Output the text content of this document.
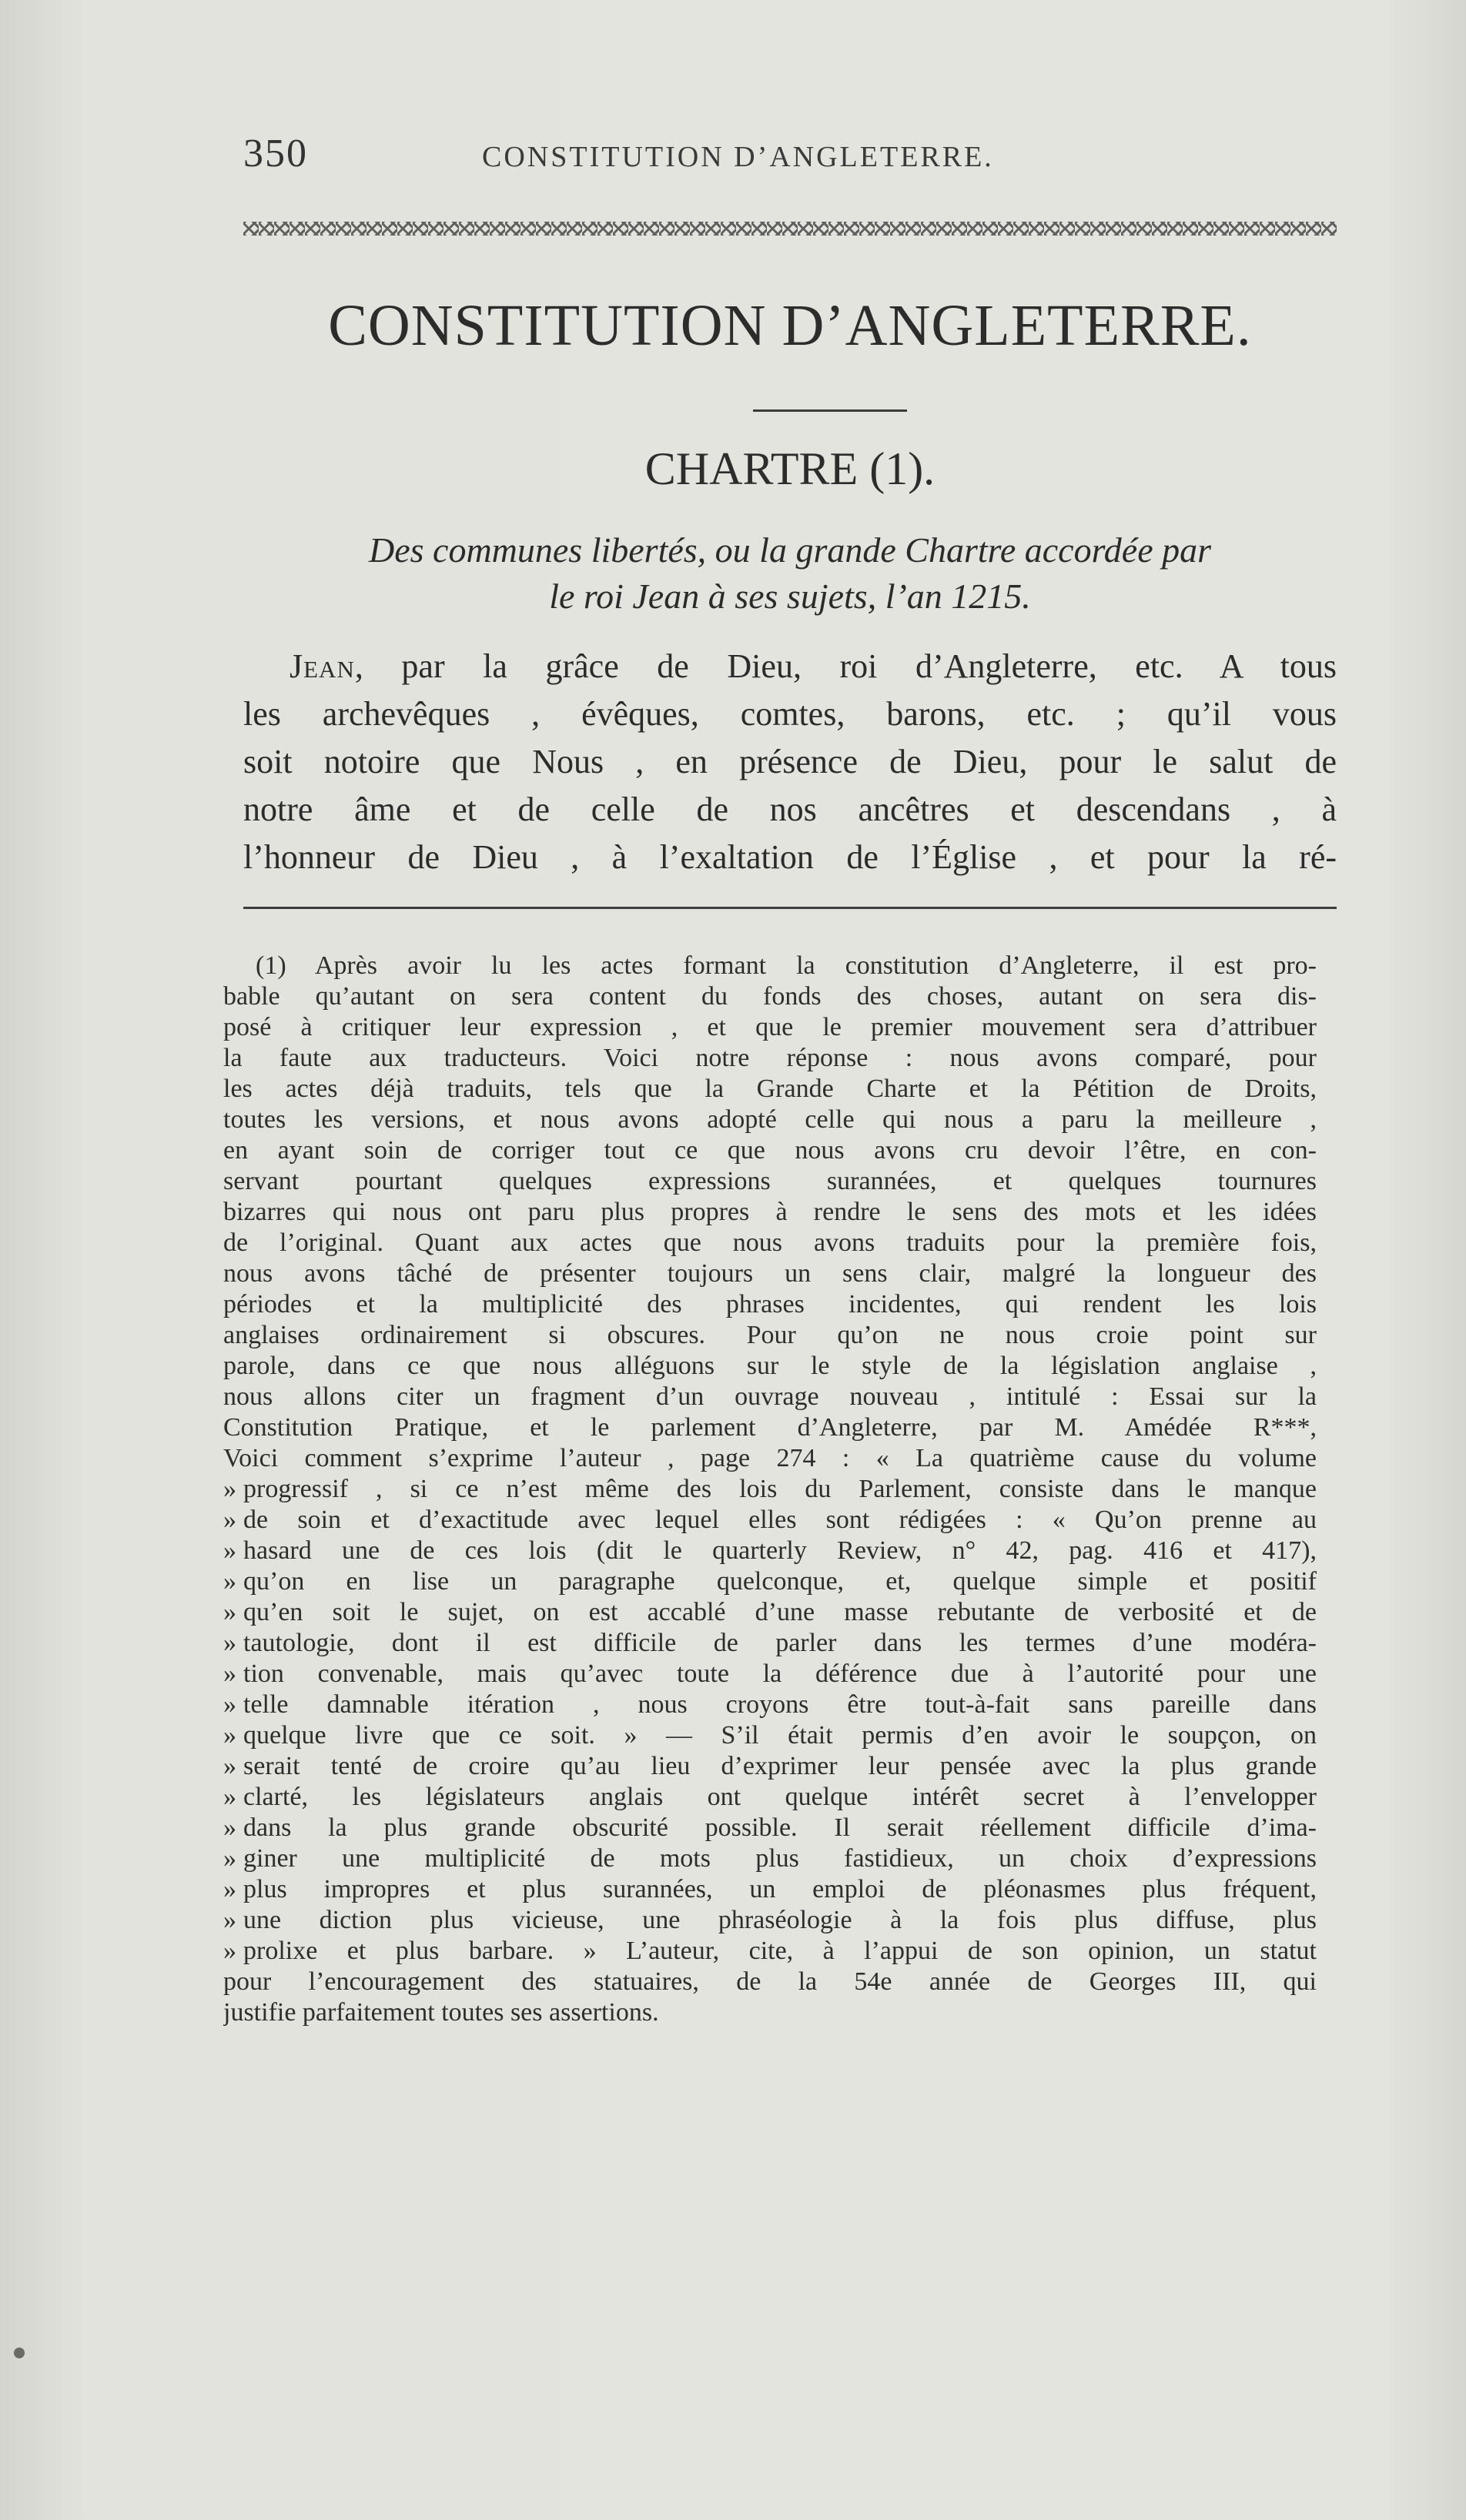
350	CONSTITUTION D’ANGLETERRE.
CONSTITUTION D’ANGLETERRE.
CHARTRE (1).
Des communes libertés, ou la grande Chartre accordée par
le roi Jean à ses sujets, l’an 1215.
Jean, par la grâce de Dieu, roi d’Angleterre, etc. A tous
les archevêques , évêques, comtes, barons, etc. ; qu’il vous
soit notoire que Nous , en présence de Dieu, pour le salut de
notre âme et de celle de nos ancêtres et descendans , à
l’honneur de Dieu , à l’exaltation de l’Église , et pour la ré-
(1) Après avoir lu les actes formant la constitution d’Angleterre, il est pro-
bable qu’autant on sera content du fonds des choses, autant on sera dis-
posé à critiquer leur expression , et que le premier mouvement sera d’attribuer
la faute aux traducteurs. Voici notre réponse : nous avons comparé, pour
les actes déjà traduits, tels que la Grande Charte et la Pétition de Droits,
toutes les versions, et nous avons adopté celle qui nous a paru la meilleure ,
en ayant soin de corriger tout ce que nous avons cru devoir l’être, en con-
servant pourtant quelques expressions surannées, et quelques tournures
bizarres qui nous ont paru plus propres à rendre le sens des mots et les idées
de l’original. Quant aux actes que nous avons traduits pour la première fois,
nous avons tâché de présenter toujours un sens clair, malgré la longueur des
périodes et la multiplicité des phrases incidentes, qui rendent les lois
anglaises ordinairement si obscures. Pour qu’on ne nous croie point sur
parole, dans ce que nous alléguons sur le style de la législation anglaise ,
nous allons citer un fragment d’un ouvrage nouveau , intitulé : Essai sur la
Constitution Pratique, et le parlement d’Angleterre, par M. Amédée R***,
Voici comment s’exprime l’auteur , page 274 : « La quatrième cause du volume
» progressif , si ce n’est même des lois du Parlement, consiste dans le manque
» de soin et d’exactitude avec lequel elles sont rédigées : « Qu’on prenne au
» hasard une de ces lois (dit le quarterly Review, n° 42, pag. 416 et 417),
» qu’on en lise un paragraphe quelconque, et, quelque simple et positif
» qu’en soit le sujet, on est accablé d’une masse rebutante de verbosité et de
» tautologie, dont il est difficile de parler dans les termes d’une modéra-
» tion convenable, mais qu’avec toute la déférence due à l’autorité pour une
» telle damnable itération , nous croyons être tout-à-fait sans pareille dans
» quelque livre que ce soit. » — S’il était permis d’en avoir le soupçon, on
» serait tenté de croire qu’au lieu d’exprimer leur pensée avec la plus grande
» clarté, les législateurs anglais ont quelque intérêt secret à l’envelopper
» dans la plus grande obscurité possible. Il serait réellement difficile d’ima-
» giner une multiplicité de mots plus fastidieux, un choix d’expressions
» plus impropres et plus surannées, un emploi de pléonasmes plus fréquent,
» une diction plus vicieuse, une phraséologie à la fois plus diffuse, plus
» prolixe et plus barbare. » L’auteur, cite, à l’appui de son opinion, un statut
pour l’encouragement des statuaires, de la 54e année de Georges III, qui
justifie parfaitement toutes ses assertions.
